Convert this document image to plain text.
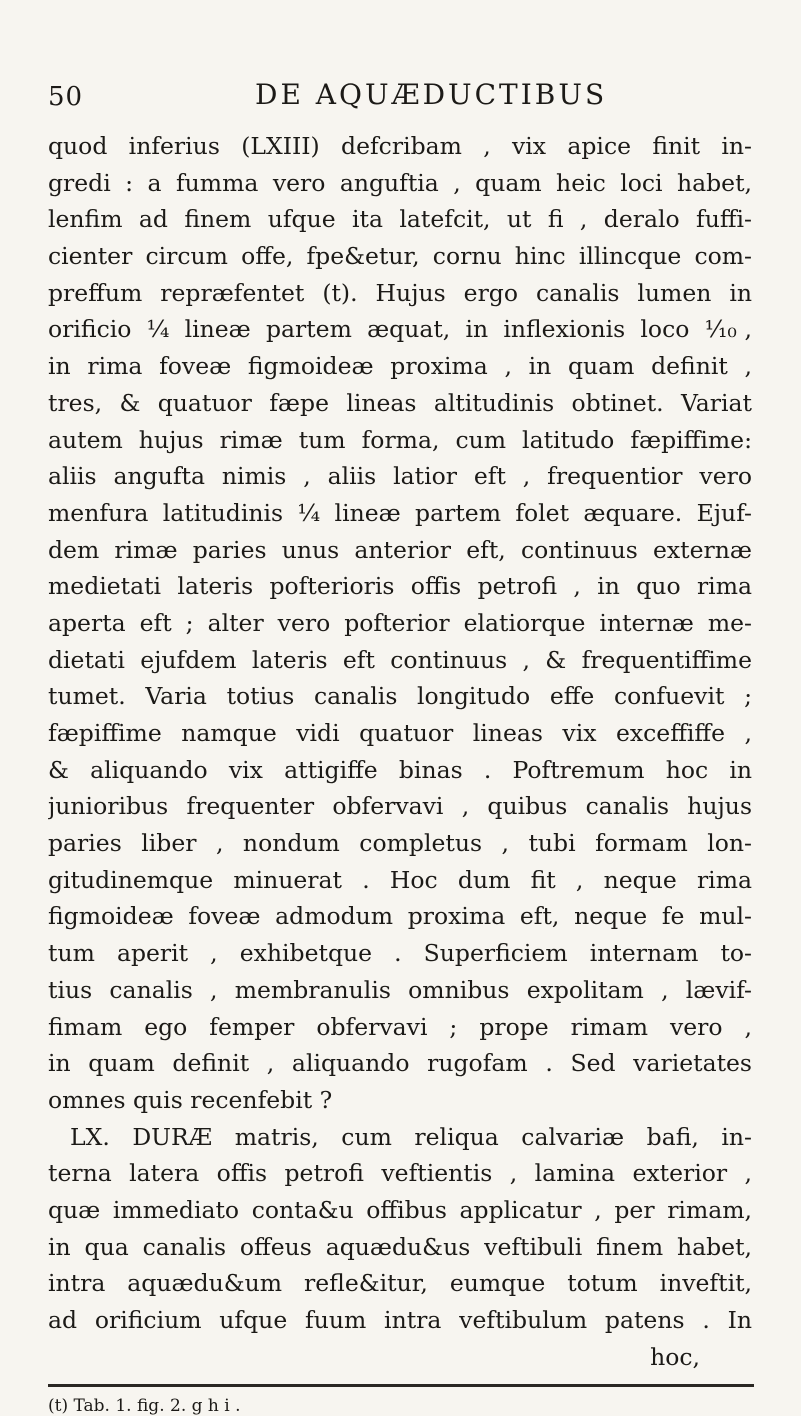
50	DE AQUÆDUCTIBUS
quod inferius (LXIII) defcribam , vix apice finit in-
gredi : a fumma vero anguftia , quam heic loci habet,
lenfim ad finem ufque ita latefcit, ut fi , deralo fuffi-
cienter circum offe, fpe&etur, cornu hinc illincque com-
preffum repræfentet (t). Hujus ergo canalis lumen in
orificio ¼ lineæ partem æquat, in inflexionis loco ⅒,
in rima foveæ figmoideæ proxima , in quam definit ,
tres, & quatuor fæpe lineas altitudinis obtinet. Variat
autem hujus rimæ tum forma, cum latitudo fæpiffime:
aliis angufta nimis , aliis latior eft , frequentior vero
menfura latitudinis ¼ lineæ partem folet æquare. Ejuf-
dem rimæ paries unus anterior eft, continuus externæ
medietati lateris pofterioris offis petrofi , in quo rima
aperta eft ; alter vero pofterior elatiorque internæ me-
dietati ejufdem lateris eft continuus , & frequentiffime
tumet. Varia totius canalis longitudo effe confuevit ;
fæpiffime namque vidi quatuor lineas vix exceffiffe ,
& aliquando vix attigiffe binas . Poftremum hoc in
junioribus frequenter obfervavi , quibus canalis hujus
paries liber , nondum completus , tubi formam lon-
gitudinemque minuerat . Hoc dum fit , neque rima
figmoideæ foveæ admodum proxima eft, neque fe mul-
tum aperit , exhibetque . Superficiem internam to-
tius canalis , membranulis omnibus expolitam , lævif-
fimam ego femper obfervavi ; prope rimam vero ,
in quam definit , aliquando rugofam . Sed varietates
omnes quis recenfebit ?
LX. DURÆ matris, cum reliqua calvariæ bafi, in-
terna latera offis petrofi veftientis , lamina exterior ,
quæ immediato conta&u offibus applicatur , per rimam,
in qua canalis offeus aquædu&us veftibuli finem habet,
intra aquædu&um refle&itur, eumque totum inveftit,
ad orificium ufque fuum intra veftibulum patens . In
hoc,
(t) Tab. 1. fig. 2. g h i .
